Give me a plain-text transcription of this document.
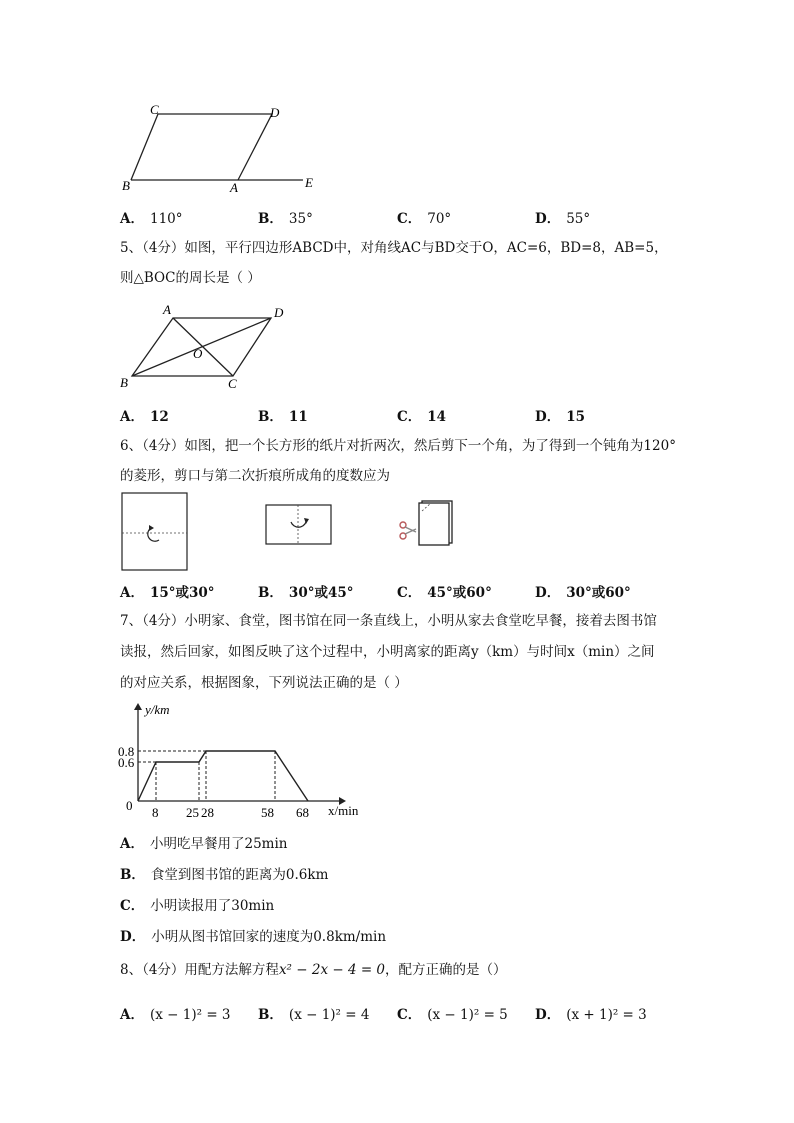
C	D
B	A	E
A． 110°	B． 35°	C． 70°	D． 55°
5、（4分）如图，平行四边形ABCD中，对角线AC与BD交于O，AC=6，BD=8，AB=5，
则△BOC的周长是（ ）
A	D
O
B	C
A． 12	B． 11	C． 14	D． 15
6、（4分）如图，把一个长方形的纸片对折两次，然后剪下一个角，为了得到一个钝角为120°
的菱形，剪口与第二次折痕所成角的度数应为
A． 15°或30°	B． 30°或45°	C． 45°或60°	D． 30°或60°
7、（4分）小明家、食堂，图书馆在同一条直线上，小明从家去食堂吃早餐，接着去图书馆
读报，然后回家，如图反映了这个过程中，小明离家的距离y（km）与时间x（min）之间
的对应关系，根据图象，下列说法正确的是（ ）
y/km
x/min
0.8
0.6
0 8 25 28	58 68
A． 小明吃早餐用了25min
B． 食堂到图书馆的距离为0.6km
C． 小明读报用了30min
D． 小明从图书馆回家的速度为0.8km/min
8、（4分）用配方法解方程x² − 2x − 4 = 0，配方正确的是（）
A． (x − 1)² = 3 B． (x − 1)² = 4 C． (x − 1)² = 5 D． (x + 1)² = 3
